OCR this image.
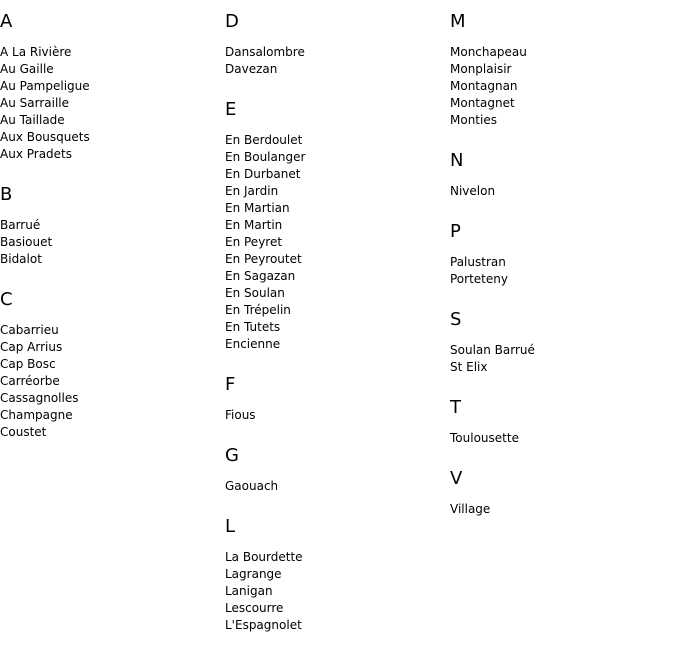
A
A La Rivière
Au Gaille
Au Pampeligue
Au Sarraille
Au Taillade
Aux Bousquets
Aux Pradets
B
Barrué
Basiouet
Bidalot
C
Cabarrieu
Cap Arrius
Cap Bosc
Carréorbe
Cassagnolles
Champagne
Coustet
D
Dansalombre
Davezan
E
En Berdoulet
En Boulanger
En Durbanet
En Jardin
En Martian
En Martin
En Peyret
En Peyroutet
En Sagazan
En Soulan
En Trépelin
En Tutets
Encienne
F
Fious
G
Gaouach
L
La Bourdette
Lagrange
Lanigan
Lescourre
L'Espagnolet
M
Monchapeau
Monplaisir
Montagnan
Montagnet
Monties
N
Nivelon
P
Palustran
Porteteny
S
Soulan Barrué
St Elix
T
Toulousette
V
Village
